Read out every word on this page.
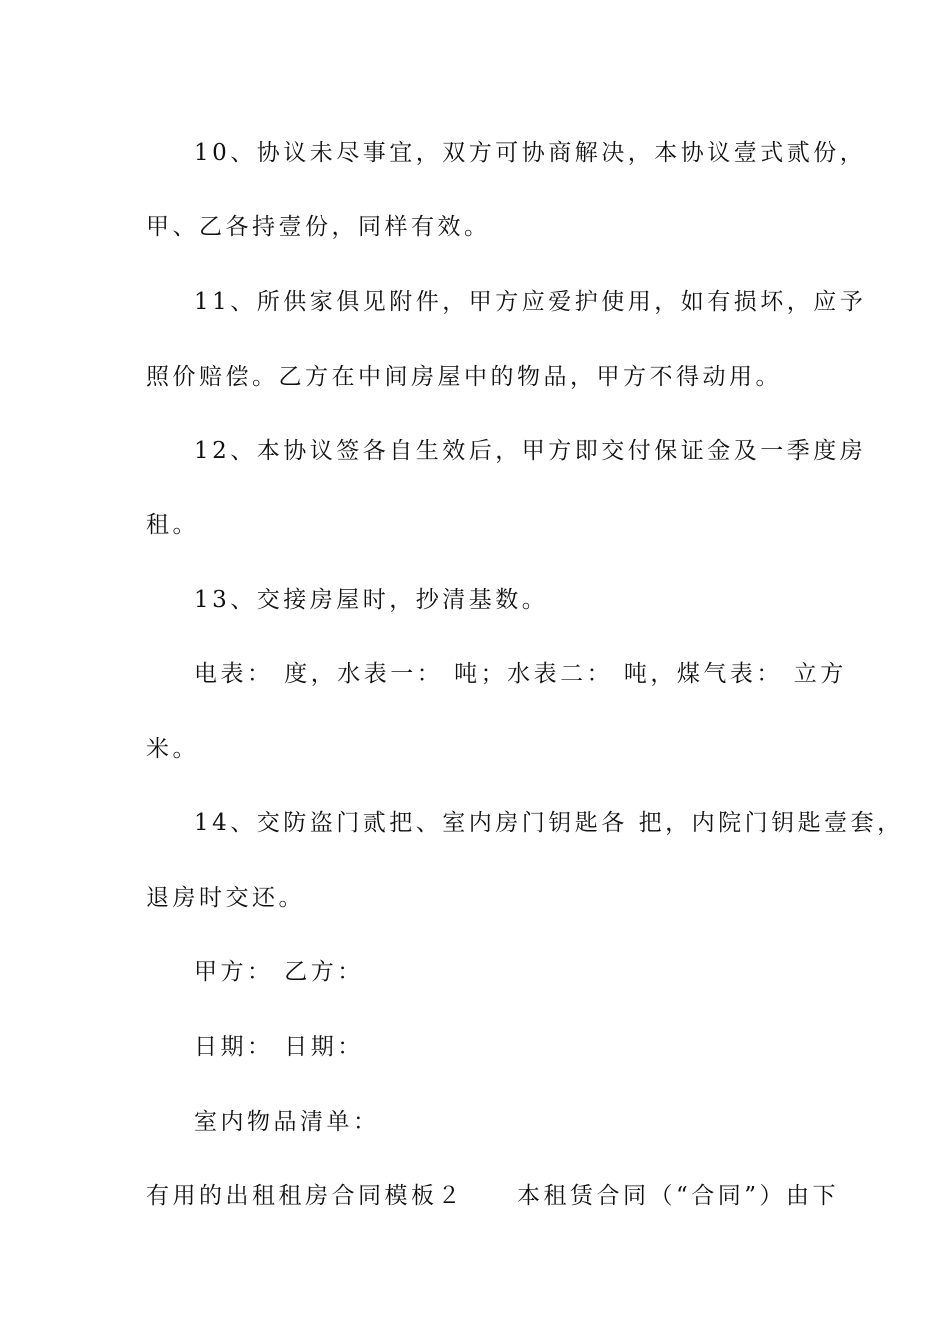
10、协议未尽事宜，双方可协商解决，本协议壹式贰份，
甲、乙各持壹份，同样有效。
11、所供家俱见附件，甲方应爱护使用，如有损坏，应予
照价赔偿。乙方在中间房屋中的物品，甲方不得动用。
12、本协议签各自生效后，甲方即交付保证金及一季度房
租。
13、交接房屋时，抄清基数。
电表： 度，水表一： 吨；水表二： 吨，煤气表： 立方
米。
14、交防盗门贰把、室内房门钥匙各 把，内院门钥匙壹套，
退房时交还。
甲方： 乙方：
日期： 日期：
室内物品清单：
有用的出租租房合同模板２　　本租赁合同（“合同”）由下
